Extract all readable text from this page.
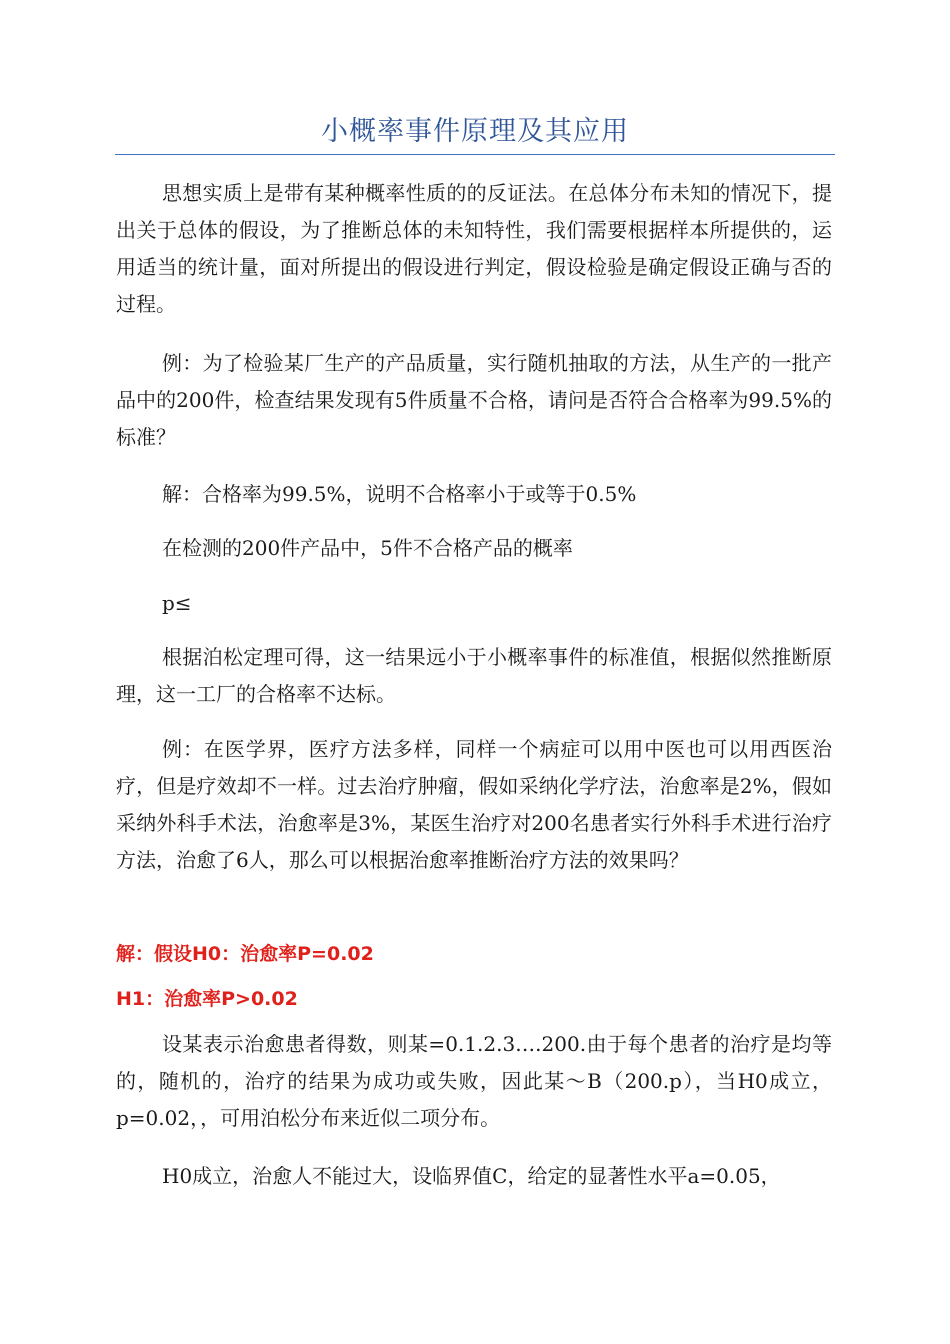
小概率事件原理及其应用
思想实质上是带有某种概率性质的的反证法。在总体分布未知的情况下，提出关于总体的假设，为了推断总体的未知特性，我们需要根据样本所提供的，运用适当的统计量，面对所提出的假设进行判定，假设检验是确定假设正确与否的过程。
例：为了检验某厂生产的产品质量，实行随机抽取的方法，从生产的一批产品中的200件，检查结果发现有5件质量不合格，请问是否符合合格率为99.5%的标准？
解：合格率为99.5%，说明不合格率小于或等于0.5%
在检测的200件产品中，5件不合格产品的概率
p≤
根据泊松定理可得，这一结果远小于小概率事件的标准值，根据似然推断原理，这一工厂的合格率不达标。
例：在医学界，医疗方法多样，同样一个病症可以用中医也可以用西医治疗，但是疗效却不一样。过去治疗肿瘤，假如采纳化学疗法，治愈率是2%，假如采纳外科手术法，治愈率是3%，某医生治疗对200名患者实行外科手术进行治疗方法，治愈了6人，那么可以根据治愈率推断治疗方法的效果吗？
解：假设H0：治愈率P=0.02
H1：治愈率P>0.02
设某表示治愈患者得数，则某=0.1.2.3….200.由于每个患者的治疗是均等的，随机的，治疗的结果为成功或失败，因此某～B（200.p），当H0成立，p=0.02，，可用泊松分布来近似二项分布。
H0成立，治愈人不能过大，设临界值C，给定的显著性水平a=0.05，
